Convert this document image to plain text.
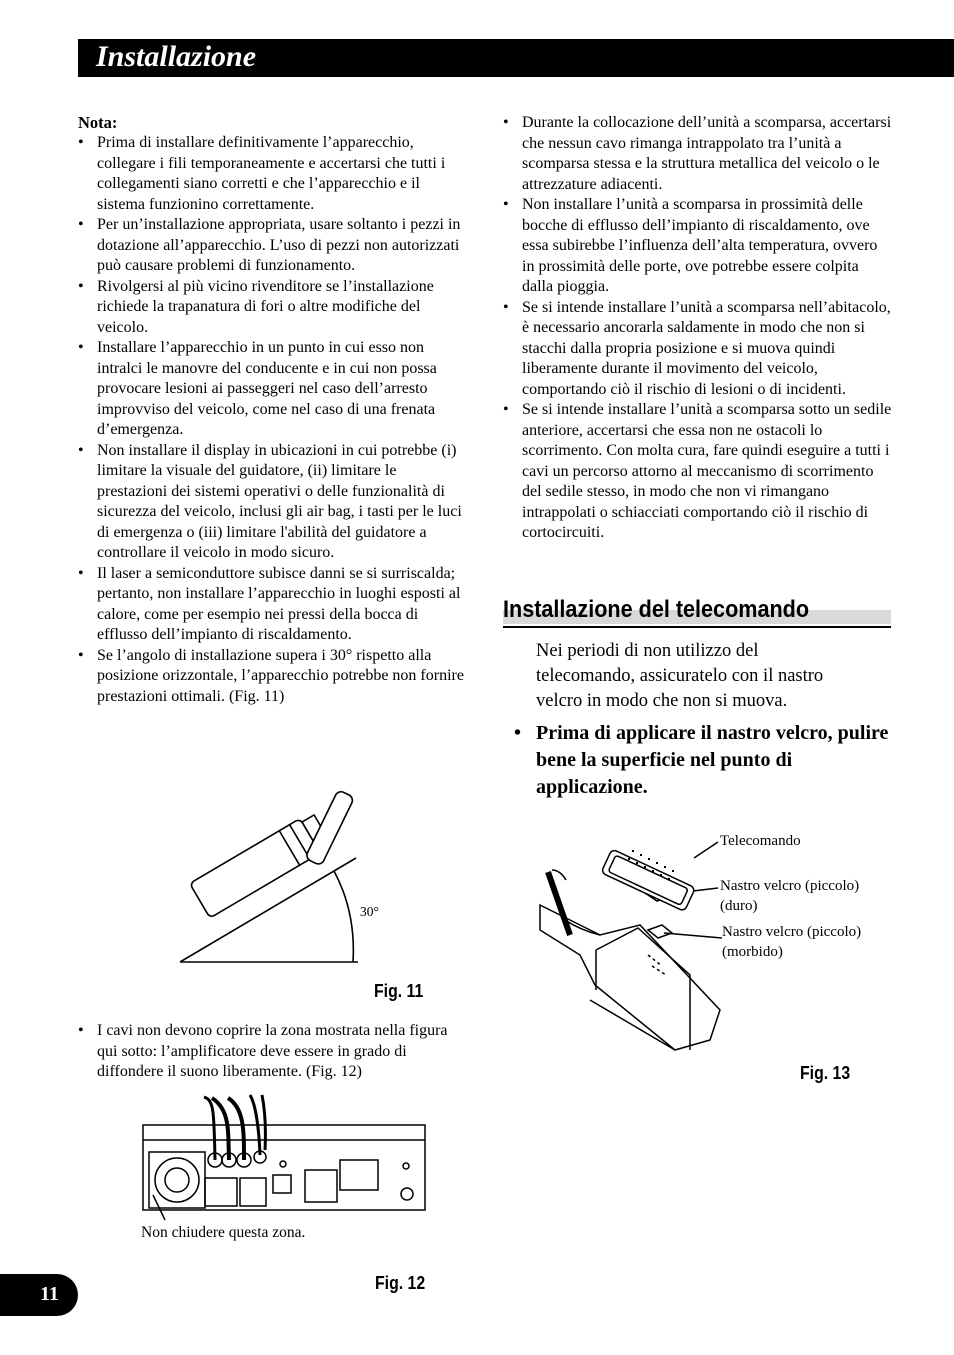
Installazione
Nota:
• Prima di installare definitivamente l’apparecchio, collegare i fili temporaneamente e accertarsi che tutti i collegamenti siano corretti e che l’apparecchio e il sistema funzionino correttamente.
• Per un’installazione appropriata, usare soltanto i pezzi in dotazione all’apparecchio. L’uso di pezzi non autorizzati può causare problemi di funzionamento.
• Rivolgersi al più vicino rivenditore se l’installazione richiede la trapanatura di fori o altre modifiche del veicolo.
• Installare l’apparecchio in un punto in cui esso non intralci le manovre del conducente e in cui non possa provocare lesioni ai passeggeri nel caso dell’arresto improvviso del veicolo, come nel caso di una frenata d’emergenza.
• Non installare il display in ubicazioni in cui potrebbe (i) limitare la visuale del guidatore, (ii) limitare le prestazioni dei sistemi operativi o delle funzionalità di sicurezza del veicolo, inclusi gli air bag, i tasti per le luci di emergenza o (iii) limitare l'abilità del guidatore a controllare il veicolo in modo sicuro.
• Il laser a semiconduttore subisce danni se si surriscalda; pertanto, non installare l’apparecchio in luoghi esposti al calore, come per esempio nei pressi della bocca di efflusso dell’impianto di riscaldamento.
• Se l’angolo di installazione supera i 30° rispetto alla posizione orizzontale, l’apparecchio potrebbe non fornire prestazioni ottimali. (Fig. 11)
30°
Fig. 11
• I cavi non devono coprire la zona mostrata nella figura qui sotto: l’amplificatore deve essere in grado di diffondere il suono liberamente. (Fig. 12)
Non chiudere questa zona.
Fig. 12
• Durante la collocazione dell’unità a scomparsa, accertarsi che nessun cavo rimanga intrappolato tra l’unità a scomparsa stessa e la struttura metallica del veicolo o le attrezzature adiacenti.
• Non installare l’unità a scomparsa in prossimità delle bocche di efflusso dell’impianto di riscaldamento, ove essa subirebbe l’influenza dell’alta temperatura, ovvero in prossimità delle porte, ove potrebbe essere colpita dalla pioggia.
• Se si intende installare l’unità a scomparsa nell’abitacolo, è necessario ancorarla saldamente in modo che non si stacchi dalla propria posizione e si muova quindi liberamente durante il movimento del veicolo, comportando ciò il rischio di lesioni o di incidenti.
• Se si intende installare l’unità a scomparsa sotto un sedile anteriore, accertarsi che essa non ne ostacoli lo scorrimento. Con molta cura, fare quindi eseguire a tutti i cavi un percorso attorno al meccanismo di scorrimento del sedile stesso, in modo che non vi rimangano intrappolati o schiacciati comportando ciò il rischio di cortocircuiti.
Installazione del telecomando
Nei periodi di non utilizzo del telecomando, assicuratelo con il nastro velcro in modo che non si muova.
• Prima di applicare il nastro velcro, pulire bene la superficie nel punto di applicazione.
Telecomando
Nastro velcro (piccolo) (duro)
Nastro velcro (piccolo) (morbido)
Fig. 13
11
